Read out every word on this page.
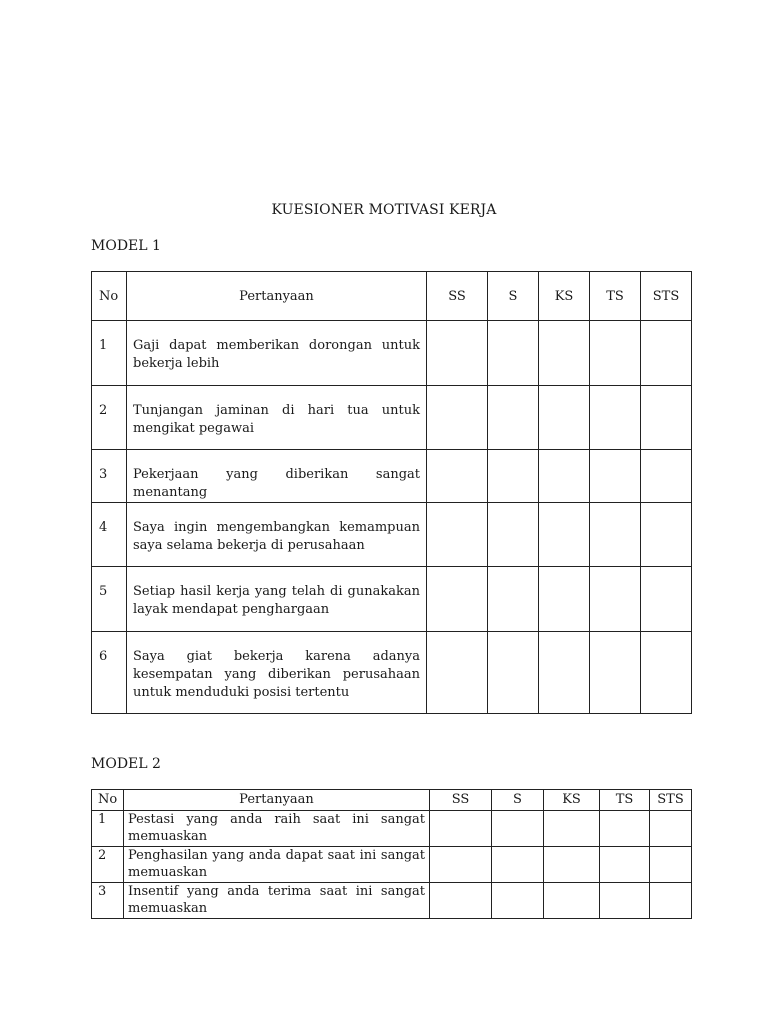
KUESIONER MOTIVASI KERJA
MODEL 1
No	Pertanyaan	SS	S	KS	TS	STS
1	Gaji dapat memberikan dorongan untuk bekerja lebih					
2	Tunjangan jaminan di hari tua untuk mengikat pegawai					
3	Pekerjaan yang diberikan sangat menantang					
4	Saya ingin mengembangkan kemampuan saya selama bekerja di perusahaan					
5	Setiap hasil kerja yang telah di gunakakan layak mendapat penghargaan					
6	Saya giat bekerja karena adanya kesempatan yang diberikan perusahaan untuk menduduki posisi tertentu					
MODEL 2
No	Pertanyaan	SS	S	KS	TS	STS
1	Pestasi yang anda raih saat ini sangat memuaskan					
2	Penghasilan yang anda dapat saat ini sangat memuaskan					
3	Insentif yang anda terima saat ini sangat memuaskan					
